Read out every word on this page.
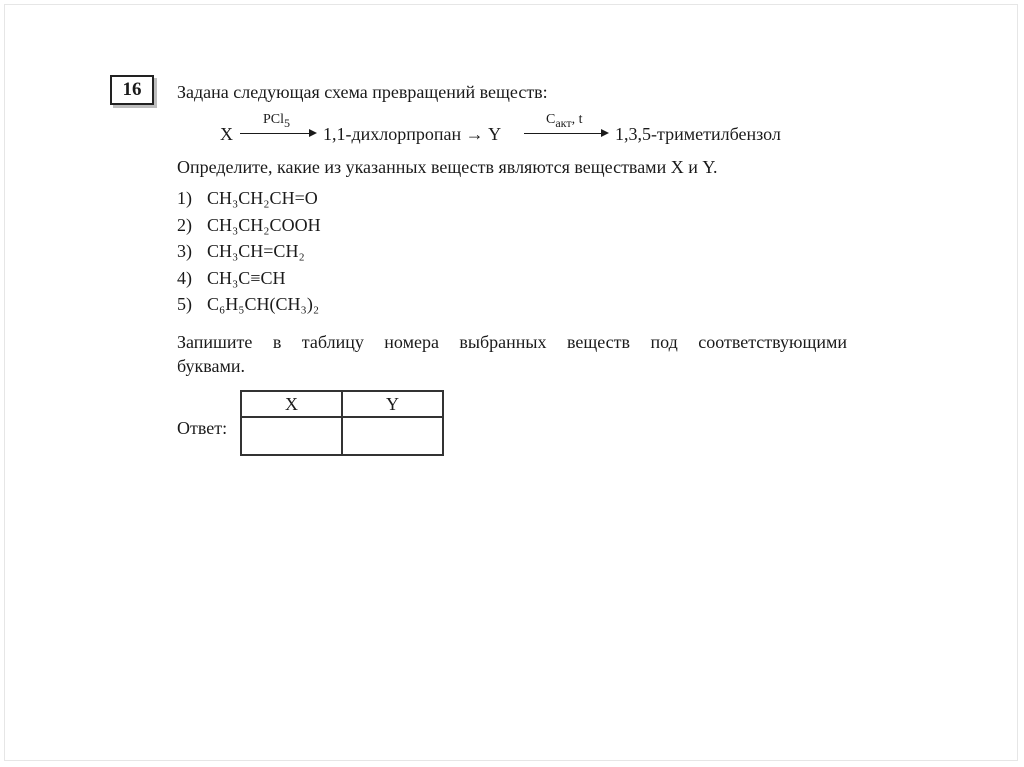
16	Задана следующая схема превращений веществ:
X
PCl$_5$
1,1-дихлорпропан → Y
$C_{акт}$, t
1,3,5-триметилбензол
Определите, какие из указанных веществ являются веществами X и Y.
1) CH₃CH₂CH=O
2) CH₃CH₂COOH
3) CH₃CH=CH₂
4) CH₃C≡CH
5) C₆H₅CH(CH₃)₂
Запишите в таблицу номера выбранных веществ под соответствующими
буквами.
Ответ:
X	Y
